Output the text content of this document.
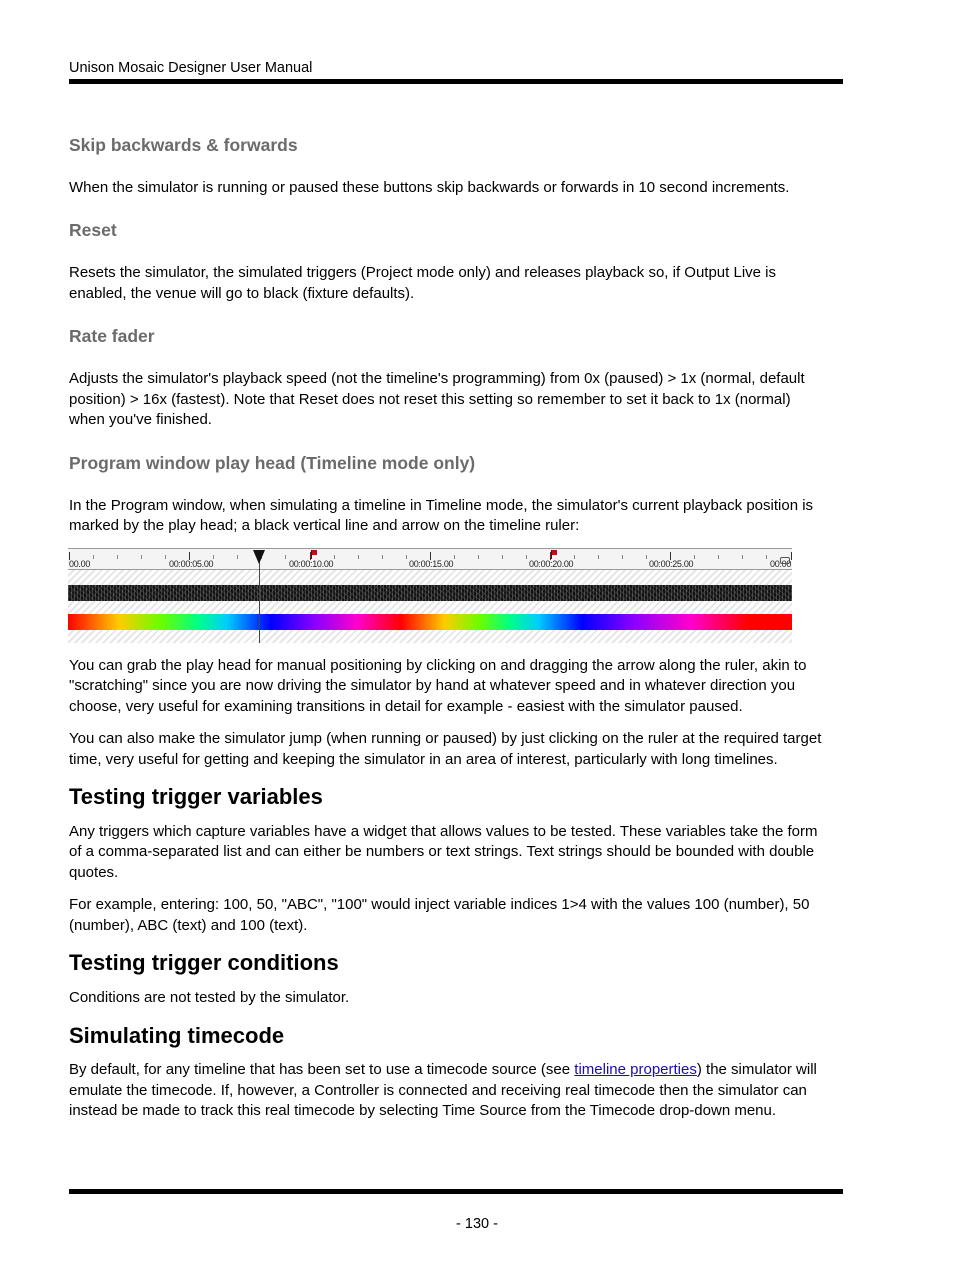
Unison Mosaic Designer User Manual
Skip backwards & forwards
When the simulator is running or paused these buttons skip backwards or forwards in 10 second increments.
Reset
Resets the simulator, the simulated triggers (Project mode only) and releases playback so, if Output Live is
enabled, the venue will go to black (fixture defaults).
Rate fader
Adjusts the simulator's playback speed (not the timeline's programming) from 0x (paused) > 1x (normal, default
position) > 16x (fastest). Note that Reset does not reset this setting so remember to set it back to 1x (normal)
when you've finished.
Program window play head (Timeline mode only)
In the Program window, when simulating a timeline in Timeline mode, the simulator's current playback position is
marked by the play head; a black vertical line and arrow on the timeline ruler:
You can grab the play head for manual positioning by clicking on and dragging the arrow along the ruler, akin to
"scratching" since you are now driving the simulator by hand at whatever speed and in whatever direction you
choose, very useful for examining transitions in detail for example - easiest with the simulator paused.
You can also make the simulator jump (when running or paused) by just clicking on the ruler at the required target
time, very useful for getting and keeping the simulator in an area of interest, particularly with long timelines.
Testing trigger variables
Any triggers which capture variables have a widget that allows values to be tested. These variables take the form
of a comma-separated list and can either be numbers or text strings. Text strings should be bounded with double
quotes.
For example, entering: 100, 50, "ABC", "100" would inject variable indices 1>4 with the values 100 (number), 50
(number), ABC (text) and 100 (text).
Testing trigger conditions
Conditions are not tested by the simulator.
Simulating timecode
By default, for any timeline that has been set to use a timecode source (see timeline properties) the simulator will
emulate the timecode. If, however, a Controller is connected and receiving real timecode then the simulator can
instead be made to track this real timecode by selecting Time Source from the Timecode drop-down menu.
00.00	00:00:05.00	00:00:10.00	00:00:15.00	00:00:20.00	00:00:25.00	00:00
- 130 -
